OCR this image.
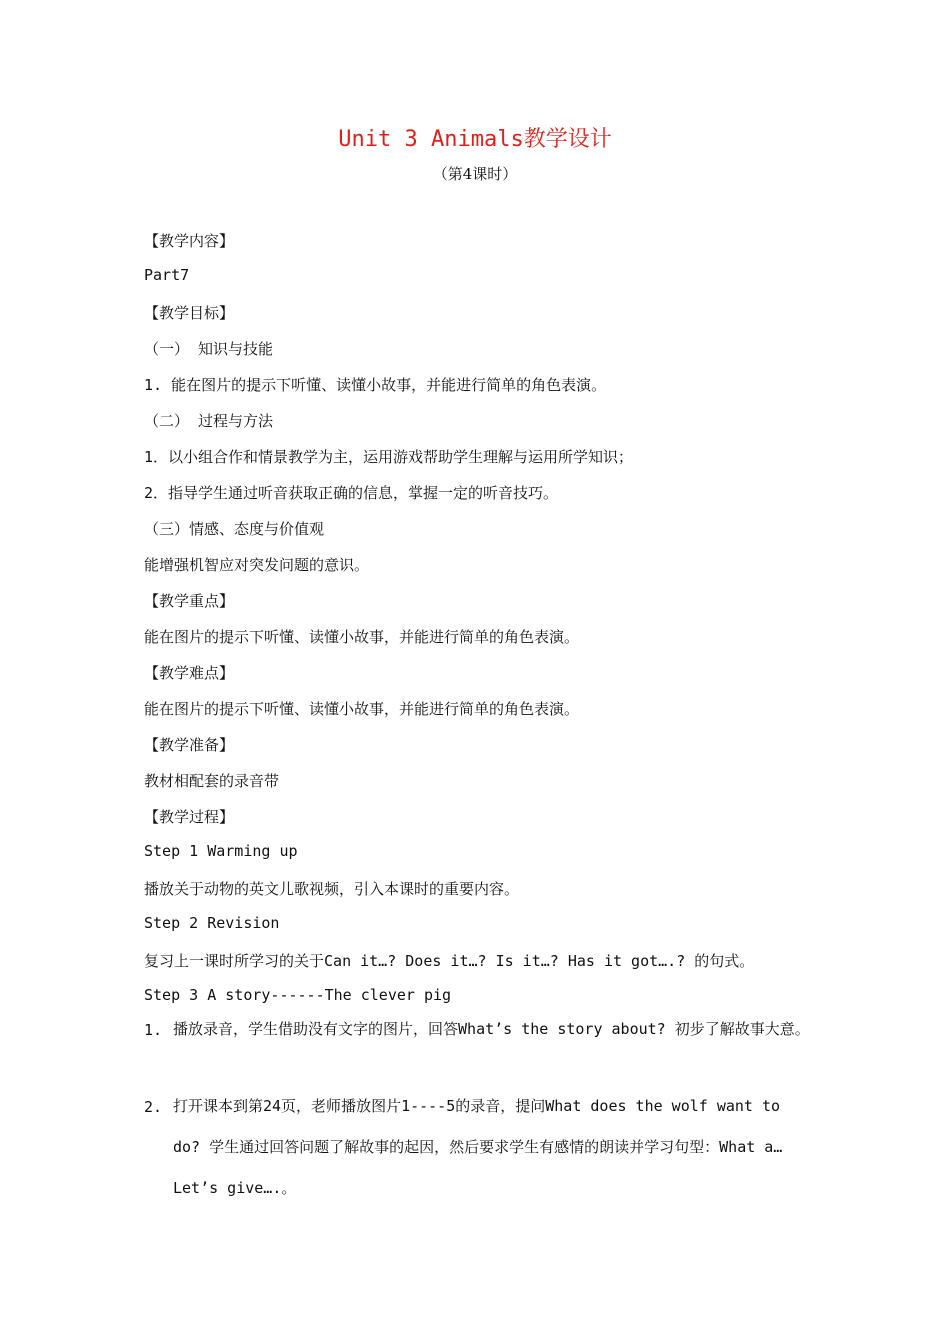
Unit 3 Animals教学设计
（第4课时）
【教学内容】
Part7
【教学目标】
（一） 知识与技能
1. 能在图片的提示下听懂、读懂小故事，并能进行简单的角色表演。
（二） 过程与方法
1．以小组合作和情景教学为主，运用游戏帮助学生理解与运用所学知识；
2．指导学生通过听音获取正确的信息，掌握一定的听音技巧。
（三）情感、态度与价值观
能增强机智应对突发问题的意识。
【教学重点】
能在图片的提示下听懂、读懂小故事，并能进行简单的角色表演。
【教学难点】
能在图片的提示下听懂、读懂小故事，并能进行简单的角色表演。
【教学准备】
教材相配套的录音带
【教学过程】
Step 1 Warming up
播放关于动物的英文儿歌视频，引入本课时的重要内容。
Step 2 Revision
复习上一课时所学习的关于Can it…? Does it…? Is it…? Has it got….? 的句式。
Step 3 A story------The clever pig
1. 播放录音，学生借助没有文字的图片，回答What’s the story about? 初步了解故事大意。
2. 打开课本到第24页，老师播放图片1----5的录音，提问What does the wolf want to do? 学生通过回答问题了解故事的起因，然后要求学生有感情的朗读并学习句型：What a…Let’s give….。
